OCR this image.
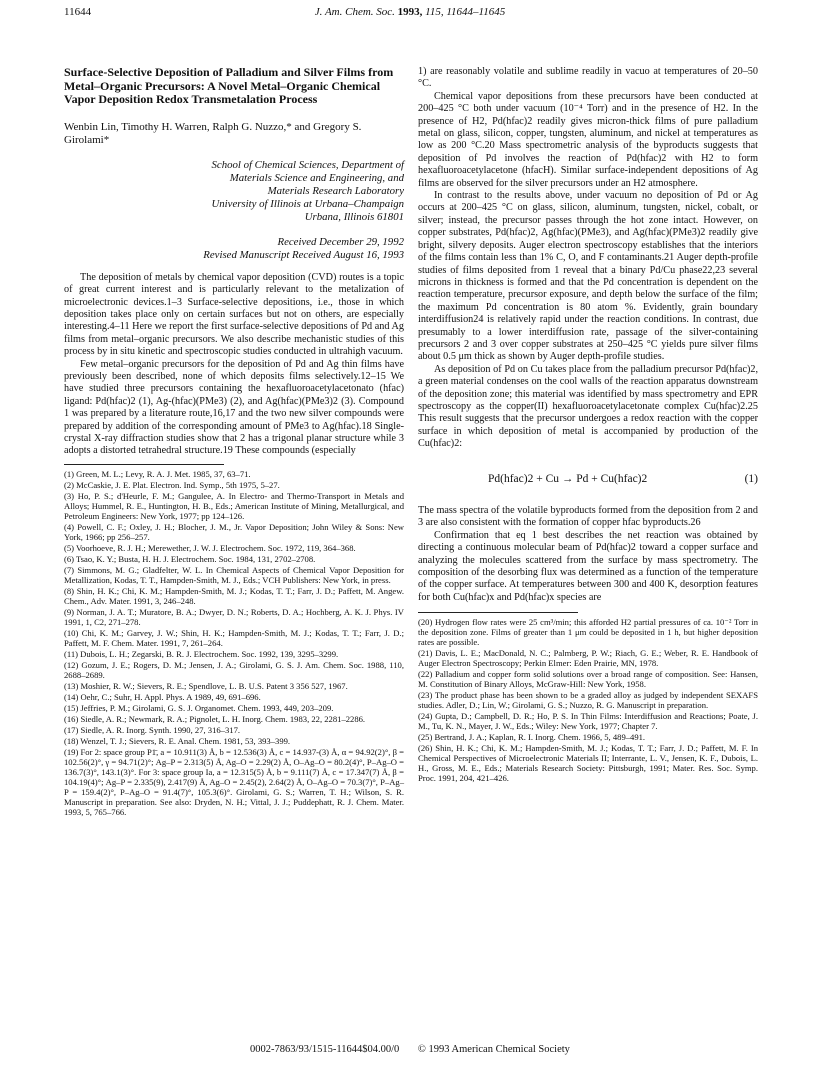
11644	J. Am. Chem. Soc. 1993, 115, 11644–11645
Surface-Selective Deposition of Palladium and Silver Films from Metal–Organic Precursors: A Novel Metal–Organic Chemical Vapor Deposition Redox Transmetalation Process
Wenbin Lin, Timothy H. Warren, Ralph G. Nuzzo,* and Gregory S. Girolami*
School of Chemical Sciences, Department of
Materials Science and Engineering, and
Materials Research Laboratory
University of Illinois at Urbana–Champaign
Urbana, Illinois 61801
Received December 29, 1992
Revised Manuscript Received August 16, 1993

The deposition of metals by chemical vapor deposition (CVD) routes is a topic of great current interest and is particularly relevant to the metalization of microelectronic devices.1–3 Surface-selective depositions, i.e., those in which deposition takes place only on certain surfaces but not on others, are especially interesting.4–11 Here we report the first surface-selective depositions of Pd and Ag films from metal–organic precursors. We also describe mechanistic studies of this process by in situ kinetic and spectroscopic studies conducted in ultrahigh vacuum.

Few metal–organic precursors for the deposition of Pd and Ag thin films have previously been described, none of which deposits films selectively.12–15 We have studied three precursors containing the hexafluoroacetylacetonato (hfac) ligand: Pd(hfac)2 (1), Ag-(hfac)(PMe3) (2), and Ag(hfac)(PMe3)2 (3). Compound 1 was prepared by a literature route,16,17 and the two new silver compounds were prepared by addition of the corresponding amount of PMe3 to Ag(hfac).18 Single-crystal X-ray diffraction studies show that 2 has a trigonal planar structure while 3 adopts a distorted tetrahedral structure.19 These compounds (especially

(1) Green, M. L.; Levy, R. A. J. Met. 1985, 37, 63–71.
(2) McCaskie, J. E. Plat. Electron. Ind. Symp., 5th 1975, 5–27.
(3) Ho, P. S.; d'Heurle, F. M.; Gangulee, A. In Electro- and Thermo-Transport in Metals and Alloys; Hummel, R. E., Huntington, H. B., Eds.; American Institute of Mining, Metallurgical, and Petroleum Engineers: New York, 1977; pp 124–126.
(4) Powell, C. F.; Oxley, J. H.; Blocher, J. M., Jr. Vapor Deposition; John Wiley & Sons: New York, 1966; pp 256–257.
(5) Voorhoeve, R. J. H.; Merewether, J. W. J. Electrochem. Soc. 1972, 119, 364–368.
(6) Tsao, K. Y.; Busta, H. H. J. Electrochem. Soc. 1984, 131, 2702–2708.
(7) Simmons, M. G.; Gladfelter, W. L. In Chemical Aspects of Chemical Vapor Deposition for Metallization, Kodas, T. T., Hampden-Smith, M. J., Eds.; VCH Publishers: New York, in press.
(8) Shin, H. K.; Chi, K. M.; Hampden-Smith, M. J.; Kodas, T. T.; Farr, J. D.; Paffett, M. Angew. Chem., Adv. Mater. 1991, 3, 246–248.
(9) Norman, J. A. T.; Muratore, B. A.; Dwyer, D. N.; Roberts, D. A.; Hochberg, A. K. J. Phys. IV 1991, 1, C2, 271–278.
(10) Chi, K. M.; Garvey, J. W.; Shin, H. K.; Hampden-Smith, M. J.; Kodas, T. T.; Farr, J. D.; Paffett, M. F. Chem. Mater. 1991, 7, 261–264.
(11) Dubois, L. H.; Zegarski, B. R. J. Electrochem. Soc. 1992, 139, 3295–3299.
(12) Gozum, J. E.; Rogers, D. M.; Jensen, J. A.; Girolami, G. S. J. Am. Chem. Soc. 1988, 110, 2688–2689.
(13) Moshier, R. W.; Sievers, R. E.; Spendlove, L. B. U.S. Patent 3 356 527, 1967.
(14) Oehr, C.; Suhr, H. Appl. Phys. A 1989, 49, 691–696.
(15) Jeffries, P. M.; Girolami, G. S. J. Organomet. Chem. 1993, 449, 203–209.
(16) Siedle, A. R.; Newmark, R. A.; Pignolet, L. H. Inorg. Chem. 1983, 22, 2281–2286.
(17) Siedle, A. R. Inorg. Synth. 1990, 27, 316–317.
(18) Wenzel, T. J.; Sievers, R. E. Anal. Chem. 1981, 53, 393–399.
(19) For 2: space group P1̄, a = 10.911(3) Å, b = 12.536(3) Å, c = 14.937-(3) Å, α = 94.92(2)°, β = 102.56(2)°, γ = 94.71(2)°; Ag–P = 2.313(5) Å, Ag–O = 2.29(2) Å, O–Ag–O = 80.2(4)°, P–Ag–O = 136.7(3)°, 143.1(3)°. For 3: space group Ia, a = 12.315(5) Å, b = 9.111(7) Å, c = 17.347(7) Å, β = 104.19(4)°; Ag–P = 2.335(9), 2.417(9) Å, Ag–O = 2.45(2), 2.64(2) Å, O–Ag–O = 70.3(7)°, P–Ag–P = 159.4(2)°, P–Ag–O = 91.4(7)°, 105.3(6)°. Girolami, G. S.; Warren, T. H.; Wilson, S. R. Manuscript in preparation. See also: Dryden, N. H.; Vittal, J. J.; Puddephatt, R. J. Chem. Mater. 1993, 5, 765–766.

1) are reasonably volatile and sublime readily in vacuo at temperatures of 20–50 °C.

Chemical vapor depositions from these precursors have been conducted at 200–425 °C both under vacuum (10⁻⁴ Torr) and in the presence of H2. In the presence of H2, Pd(hfac)2 readily gives micron-thick films of pure palladium metal on glass, silicon, copper, tungsten, aluminum, and nickel at temperatures as low as 200 °C.20 Mass spectrometric analysis of the byproducts suggests that deposition of Pd involves the reaction of Pd(hfac)2 with H2 to form hexafluoroacetylacetone (hfacH). Similar surface-independent depositions of Ag films are observed for the silver precursors under an H2 atmosphere.

In contrast to the results above, under vacuum no deposition of Pd or Ag occurs at 200–425 °C on glass, silicon, aluminum, tungsten, nickel, cobalt, or silver; instead, the precursor passes through the hot zone intact. However, on copper substrates, Pd(hfac)2, Ag(hfac)(PMe3), and Ag(hfac)(PMe3)2 readily give bright, silvery deposits. Auger electron spectroscopy establishes that the interiors of the films contain less than 1% C, O, and F contaminants.21 Auger depth-profile studies of films deposited from 1 reveal that a binary Pd/Cu phase22,23 several microns in thickness is formed and that the Pd concentration is dependent on the reaction temperature, precursor exposure, and depth below the surface of the film; the maximum Pd concentration is 80 atom %. Evidently, grain boundary interdiffusion24 is relatively rapid under the reaction conditions. In contrast, due presumably to a lower interdiffusion rate, passage of the silver-containing precursors 2 and 3 over copper substrates at 250–425 °C yields pure silver films about 0.5 μm thick as shown by Auger depth-profile studies.

As deposition of Pd on Cu takes place from the palladium precursor Pd(hfac)2, a green material condenses on the cool walls of the reaction apparatus downstream of the deposition zone; this material was identified by mass spectrometry and EPR spectroscopy as the copper(II) hexafluoroacetylacetonate complex Cu(hfac)2.25 This result suggests that the precursor undergoes a redox reaction with the copper surface in which deposition of metal is accompanied by production of the Cu(hfac)2:

Pd(hfac)2 + Cu → Pd + Cu(hfac)2	(1)

The mass spectra of the volatile byproducts formed from the deposition from 2 and 3 are also consistent with the formation of copper hfac byproducts.26

Confirmation that eq 1 best describes the net reaction was obtained by directing a continuous molecular beam of Pd(hfac)2 toward a copper surface and analyzing the molecules scattered from the surface by mass spectrometry. The composition of the desorbing flux was determined as a function of the temperature of the copper surface. At temperatures between 300 and 400 K, desorption features for both Cu(hfac)x and Pd(hfac)x species are

(20) Hydrogen flow rates were 25 cm³/min; this afforded H2 partial pressures of ca. 10⁻² Torr in the deposition zone. Films of greater than 1 μm could be deposited in 1 h, but higher deposition rates are possible.
(21) Davis, L. E.; MacDonald, N. C.; Palmberg, P. W.; Riach, G. E.; Weber, R. E. Handbook of Auger Electron Spectroscopy; Perkin Elmer: Eden Prairie, MN, 1978.
(22) Palladium and copper form solid solutions over a broad range of composition. See: Hansen, M. Constitution of Binary Alloys, McGraw-Hill: New York, 1958.
(23) The product phase has been shown to be a graded alloy as judged by independent SEXAFS studies. Adler, D.; Lin, W.; Girolami, G. S.; Nuzzo, R. G. Manuscript in preparation.
(24) Gupta, D.; Campbell, D. R.; Ho, P. S. In Thin Films: Interdiffusion and Reactions; Poate, J. M., Tu, K. N., Mayer, J. W., Eds.; Wiley: New York, 1977; Chapter 7.
(25) Bertrand, J. A.; Kaplan, R. I. Inorg. Chem. 1966, 5, 489–491.
(26) Shin, H. K.; Chi, K. M.; Hampden-Smith, M. J.; Kodas, T. T.; Farr, J. D.; Paffett, M. F. In Chemical Perspectives of Microelectronic Materials II; Interrante, L. V., Jensen, K. F., Dubois, L. H., Gross, M. E., Eds.; Materials Research Society: Pittsburgh, 1991; Mater. Res. Soc. Symp. Proc. 1991, 204, 421–426.
0002-7863/93/1515-11644$04.00/0 © 1993 American Chemical Society
